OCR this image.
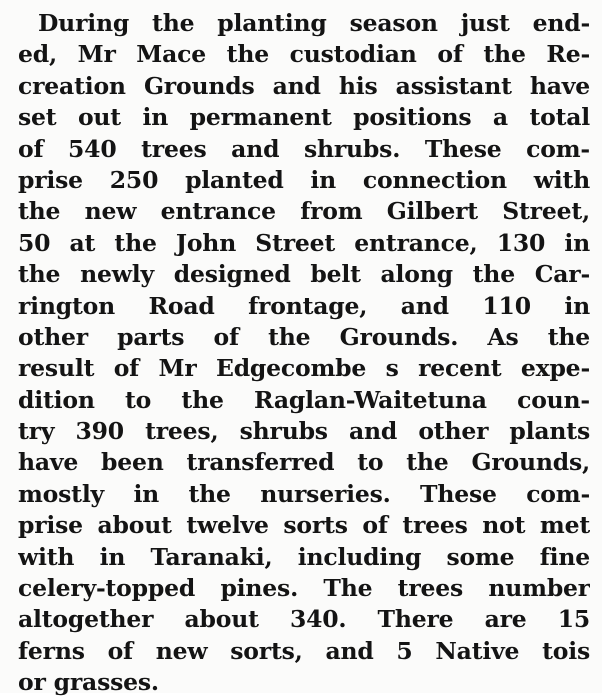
During the planting season just end-
ed, Mr Mace the custodian of the Re-
creation Grounds and his assistant have
set out in permanent positions a total
of 540 trees and shrubs. These com-
prise 250 planted in connection with
the new entrance from Gilbert Street,
50 at the John Street entrance, 130 in
the newly designed belt along the Car-
rington Road frontage, and 110 in
other parts of the Grounds. As the
result of Mr Edgecombe s recent expe-
dition to the Raglan-Waitetuna coun-
try 390 trees, shrubs and other plants
have been transferred to the Grounds,
mostly in the nurseries. These com-
prise about twelve sorts of trees not met
with in Taranaki, including some fine
celery-topped pines. The trees number
altogether about 340. There are 15
ferns of new sorts, and 5 Native tois
or grasses.
